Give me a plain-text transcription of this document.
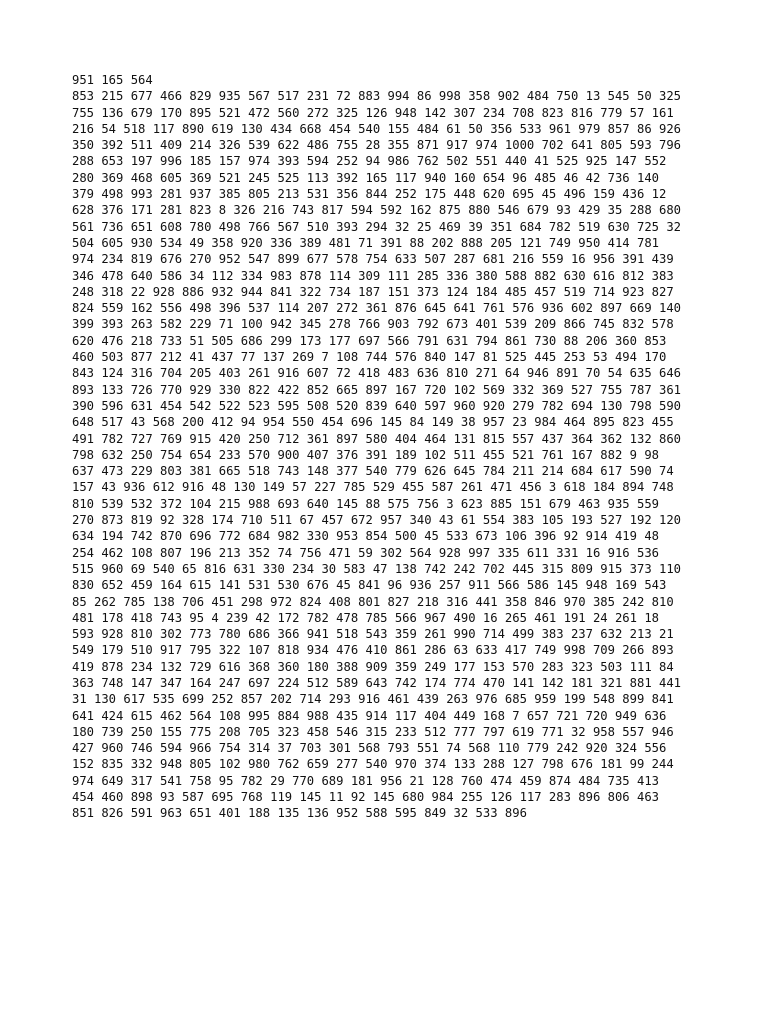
951 165 564
853 215 677 466 829 935 567 517 231 72 883 994 86 998 358 902 484 750 13 545 50 325
755 136 679 170 895 521 472 560 272 325 126 948 142 307 234 708 823 816 779 57 161
216 54 518 117 890 619 130 434 668 454 540 155 484 61 50 356 533 961 979 857 86 926
350 392 511 409 214 326 539 622 486 755 28 355 871 917 974 1000 702 641 805 593 796
288 653 197 996 185 157 974 393 594 252 94 986 762 502 551 440 41 525 925 147 552
280 369 468 605 369 521 245 525 113 392 165 117 940 160 654 96 485 46 42 736 140
379 498 993 281 937 385 805 213 531 356 844 252 175 448 620 695 45 496 159 436 12
628 376 171 281 823 8 326 216 743 817 594 592 162 875 880 546 679 93 429 35 288 680
561 736 651 608 780 498 766 567 510 393 294 32 25 469 39 351 684 782 519 630 725 32
504 605 930 534 49 358 920 336 389 481 71 391 88 202 888 205 121 749 950 414 781
974 234 819 676 270 952 547 899 677 578 754 633 507 287 681 216 559 16 956 391 439
346 478 640 586 34 112 334 983 878 114 309 111 285 336 380 588 882 630 616 812 383
248 318 22 928 886 932 944 841 322 734 187 151 373 124 184 485 457 519 714 923 827
824 559 162 556 498 396 537 114 207 272 361 876 645 641 761 576 936 602 897 669 140
399 393 263 582 229 71 100 942 345 278 766 903 792 673 401 539 209 866 745 832 578
620 476 218 733 51 505 686 299 173 177 697 566 791 631 794 861 730 88 206 360 853
460 503 877 212 41 437 77 137 269 7 108 744 576 840 147 81 525 445 253 53 494 170
843 124 316 704 205 403 261 916 607 72 418 483 636 810 271 64 946 891 70 54 635 646
893 133 726 770 929 330 822 422 852 665 897 167 720 102 569 332 369 527 755 787 361
390 596 631 454 542 522 523 595 508 520 839 640 597 960 920 279 782 694 130 798 590
648 517 43 568 200 412 94 954 550 454 696 145 84 149 38 957 23 984 464 895 823 455
491 782 727 769 915 420 250 712 361 897 580 404 464 131 815 557 437 364 362 132 860
798 632 250 754 654 233 570 900 407 376 391 189 102 511 455 521 761 167 882 9 98
637 473 229 803 381 665 518 743 148 377 540 779 626 645 784 211 214 684 617 590 74
157 43 936 612 916 48 130 149 57 227 785 529 455 587 261 471 456 3 618 184 894 748
810 539 532 372 104 215 988 693 640 145 88 575 756 3 623 885 151 679 463 935 559
270 873 819 92 328 174 710 511 67 457 672 957 340 43 61 554 383 105 193 527 192 120
634 194 742 870 696 772 684 982 330 953 854 500 45 533 673 106 396 92 914 419 48
254 462 108 807 196 213 352 74 756 471 59 302 564 928 997 335 611 331 16 916 536
515 960 69 540 65 816 631 330 234 30 583 47 138 742 242 702 445 315 809 915 373 110
830 652 459 164 615 141 531 530 676 45 841 96 936 257 911 566 586 145 948 169 543
85 262 785 138 706 451 298 972 824 408 801 827 218 316 441 358 846 970 385 242 810
481 178 418 743 95 4 239 42 172 782 478 785 566 967 490 16 265 461 191 24 261 18
593 928 810 302 773 780 686 366 941 518 543 359 261 990 714 499 383 237 632 213 21
549 179 510 917 795 322 107 818 934 476 410 861 286 63 633 417 749 998 709 266 893
419 878 234 132 729 616 368 360 180 388 909 359 249 177 153 570 283 323 503 111 84
363 748 147 347 164 247 697 224 512 589 643 742 174 774 470 141 142 181 321 881 441
31 130 617 535 699 252 857 202 714 293 916 461 439 263 976 685 959 199 548 899 841
641 424 615 462 564 108 995 884 988 435 914 117 404 449 168 7 657 721 720 949 636
180 739 250 155 775 208 705 323 458 546 315 233 512 777 797 619 771 32 958 557 946
427 960 746 594 966 754 314 37 703 301 568 793 551 74 568 110 779 242 920 324 556
152 835 332 948 805 102 980 762 659 277 540 970 374 133 288 127 798 676 181 99 244
974 649 317 541 758 95 782 29 770 689 181 956 21 128 760 474 459 874 484 735 413
454 460 898 93 587 695 768 119 145 11 92 145 680 984 255 126 117 283 896 806 463
851 826 591 963 651 401 188 135 136 952 588 595 849 32 533 896
